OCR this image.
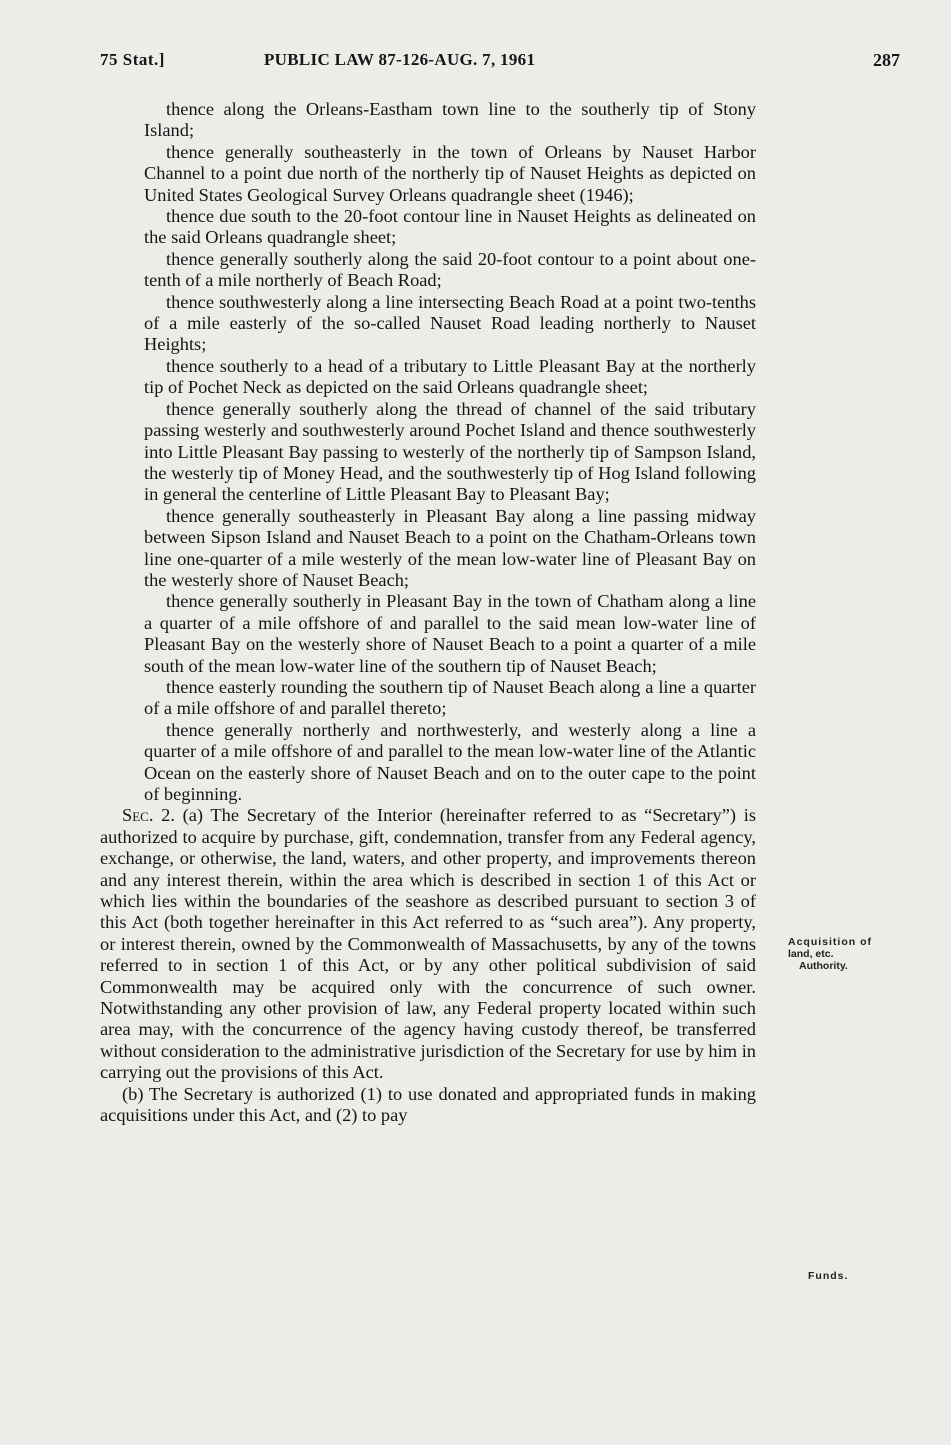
75 Stat.]	PUBLIC LAW 87-126-AUG. 7, 1961	287

thence along the Orleans-Eastham town line to the southerly tip of Stony Island;

thence generally southeasterly in the town of Orleans by Nauset Harbor Channel to a point due north of the northerly tip of Nauset Heights as depicted on United States Geological Survey Orleans quadrangle sheet (1946);

thence due south to the 20-foot contour line in Nauset Heights as delineated on the said Orleans quadrangle sheet;

thence generally southerly along the said 20-foot contour to a point about one-tenth of a mile northerly of Beach Road;

thence southwesterly along a line intersecting Beach Road at a point two-tenths of a mile easterly of the so-called Nauset Road leading northerly to Nauset Heights;

thence southerly to a head of a tributary to Little Pleasant Bay at the northerly tip of Pochet Neck as depicted on the said Orleans quadrangle sheet;

thence generally southerly along the thread of channel of the said tributary passing westerly and southwesterly around Pochet Island and thence southwesterly into Little Pleasant Bay passing to westerly of the northerly tip of Sampson Island, the westerly tip of Money Head, and the southwesterly tip of Hog Island following in general the centerline of Little Pleasant Bay to Pleasant Bay;

thence generally southeasterly in Pleasant Bay along a line passing midway between Sipson Island and Nauset Beach to a point on the Chatham-Orleans town line one-quarter of a mile westerly of the mean low-water line of Pleasant Bay on the westerly shore of Nauset Beach;

thence generally southerly in Pleasant Bay in the town of Chatham along a line a quarter of a mile offshore of and parallel to the said mean low-water line of Pleasant Bay on the westerly shore of Nauset Beach to a point a quarter of a mile south of the mean low-water line of the southern tip of Nauset Beach;

thence easterly rounding the southern tip of Nauset Beach along a line a quarter of a mile offshore of and parallel thereto;

thence generally northerly and northwesterly, and westerly along a line a quarter of a mile offshore of and parallel to the mean low-water line of the Atlantic Ocean on the easterly shore of Nauset Beach and on to the outer cape to the point of beginning.

Sec. 2. (a) The Secretary of the Interior (hereinafter referred to as “Secretary”) is authorized to acquire by purchase, gift, condemnation, transfer from any Federal agency, exchange, or otherwise, the land, waters, and other property, and improvements thereon and any interest therein, within the area which is described in section 1 of this Act or which lies within the boundaries of the seashore as described pursuant to section 3 of this Act (both together hereinafter in this Act referred to as “such area”). Any property, or interest therein, owned by the Commonwealth of Massachusetts, by any of the towns referred to in section 1 of this Act, or by any other political subdivision of said Commonwealth may be acquired only with the concurrence of such owner. Notwithstanding any other provision of law, any Federal property located within such area may, with the concurrence of the agency having custody thereof, be transferred without consideration to the administrative jurisdiction of the Secretary for use by him in carrying out the provisions of this Act.

(b) The Secretary is authorized (1) to use donated and appropriated funds in making acquisitions under this Act, and (2) to pay

Acquisition of
land, etc.
Authority.
Funds.
